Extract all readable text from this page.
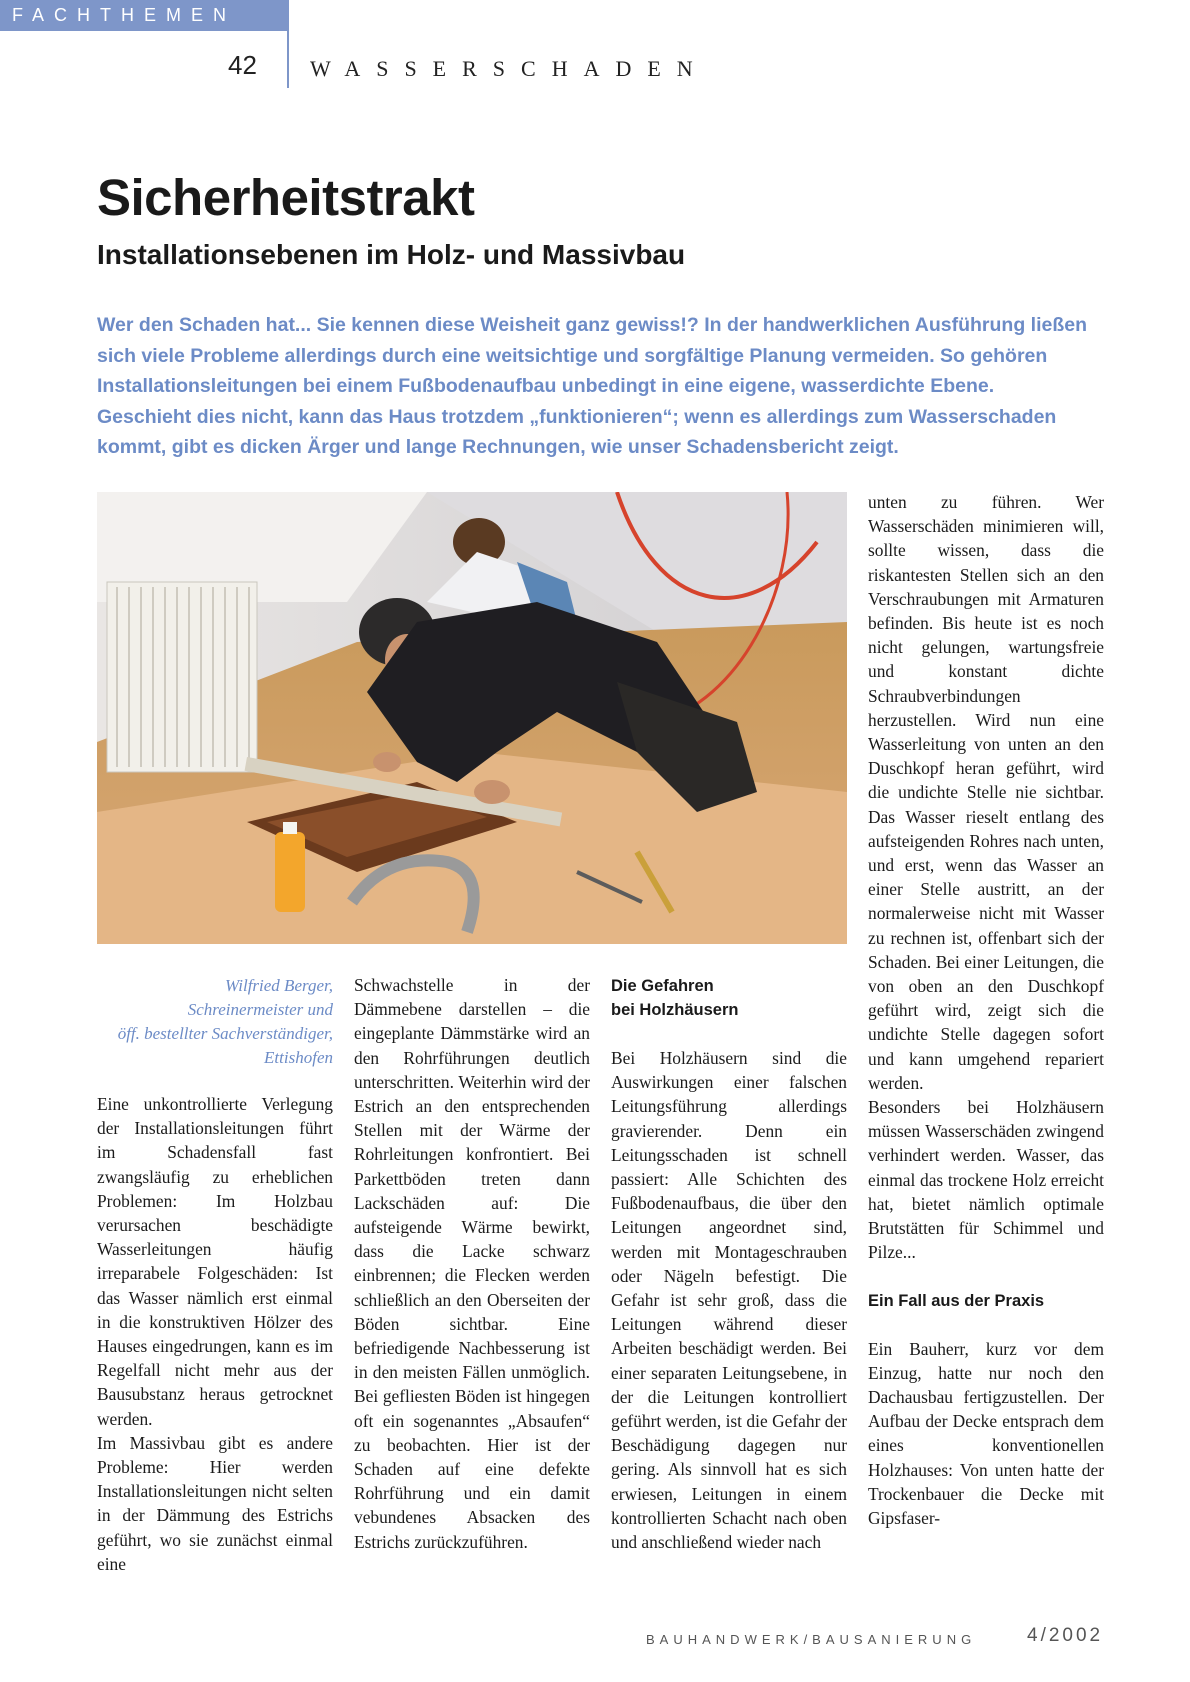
FACHTHEMEN
42	WASSERSCHADEN
Sicherheitstrakt
Installationsebenen im Holz- und Massivbau
Wer den Schaden hat... Sie kennen diese Weisheit ganz gewiss!? In der handwerklichen Ausführung ließen sich viele Probleme allerdings durch eine weitsichtige und sorgfältige Planung vermeiden. So gehören Installationsleitungen bei einem Fußbodenaufbau unbedingt in eine eigene, wasserdichte Ebene. Geschieht dies nicht, kann das Haus trotzdem „funktionieren“; wenn es allerdings zum Wasserschaden kommt, gibt es dicken Ärger und lange Rechnungen, wie unser Schadensbericht zeigt.
Wilfried Berger,
Schreinermeister und
öff. bestellter Sachverständiger,
Ettishofen

Eine unkontrollierte Verlegung der Installationsleitungen führt im Schadensfall fast zwangsläufig zu erheblichen Problemen: Im Holzbau verursachen beschädigte Wasserleitungen häufig irreparabele Folgeschäden: Ist das Wasser nämlich erst einmal in die konstruktiven Hölzer des Hauses eingedrungen, kann es im Regelfall nicht mehr aus der Bausubstanz heraus getrocknet werden.

Im Massivbau gibt es andere Probleme: Hier werden Installationsleitungen nicht selten in der Dämmung des Estrichs geführt, wo sie zunächst einmal eine

Schwachstelle in der Dämmebene darstellen – die eingeplante Dämmstärke wird an den Rohrführungen deutlich unterschritten. Weiterhin wird der Estrich an den entsprechenden Stellen mit der Wärme der Rohrleitungen konfrontiert. Bei Parkettböden treten dann Lackschäden auf: Die aufsteigende Wärme bewirkt, dass die Lacke schwarz einbrennen; die Flecken werden schließlich an den Oberseiten der Böden sichtbar. Eine befriedigende Nachbesserung ist in den meisten Fällen unmöglich. Bei gefliesten Böden ist hingegen oft ein sogenanntes „Absaufen“ zu beobachten. Hier ist der Schaden auf eine defekte Rohrführung und ein damit vebundenes Absacken des Estrichs zurückzuführen.

Die Gefahren
bei Holzhäusern

Bei Holzhäusern sind die Auswirkungen einer falschen Leitungsführung allerdings gravierender. Denn ein Leitungsschaden ist schnell passiert: Alle Schichten des Fußbodenaufbaus, die über den Leitungen angeordnet sind, werden mit Montageschrauben oder Nägeln befestigt. Die Gefahr ist sehr groß, dass die Leitungen während dieser Arbeiten beschädigt werden. Bei einer separaten Leitungsebene, in der die Leitungen kontrolliert geführt werden, ist die Gefahr der Beschädigung dagegen nur gering. Als sinnvoll hat es sich erwiesen, Leitungen in einem kontrollierten Schacht nach oben und anschließend wieder nach

unten zu führen. Wer Wasserschäden minimieren will, sollte wissen, dass die riskantesten Stellen sich an den Verschraubungen mit Armaturen befinden. Bis heute ist es noch nicht gelungen, wartungsfreie und konstant dichte Schraubverbindungen herzustellen. Wird nun eine Wasserleitung von unten an den Duschkopf heran geführt, wird die undichte Stelle nie sichtbar. Das Wasser rieselt entlang des aufsteigenden Rohres nach unten, und erst, wenn das Wasser an einer Stelle austritt, an der normalerweise nicht mit Wasser zu rechnen ist, offenbart sich der Schaden. Bei einer Leitungen, die von oben an den Duschkopf geführt wird, zeigt sich die undichte Stelle dagegen sofort und kann umgehend repariert werden.

Besonders bei Holzhäusern müssen Wasserschäden zwingend verhindert werden. Wasser, das einmal das trockene Holz erreicht hat, bietet nämlich optimale Brutstätten für Schimmel und Pilze...

Ein Fall aus der Praxis

Ein Bauherr, kurz vor dem Einzug, hatte nur noch den Dachausbau fertigzustellen. Der Aufbau der Decke entsprach dem eines konventionellen Holzhauses: Von unten hatte der Trockenbauer die Decke mit Gipsfaser-

BAUHANDWERK/BAUSANIERUNG	4/2002
